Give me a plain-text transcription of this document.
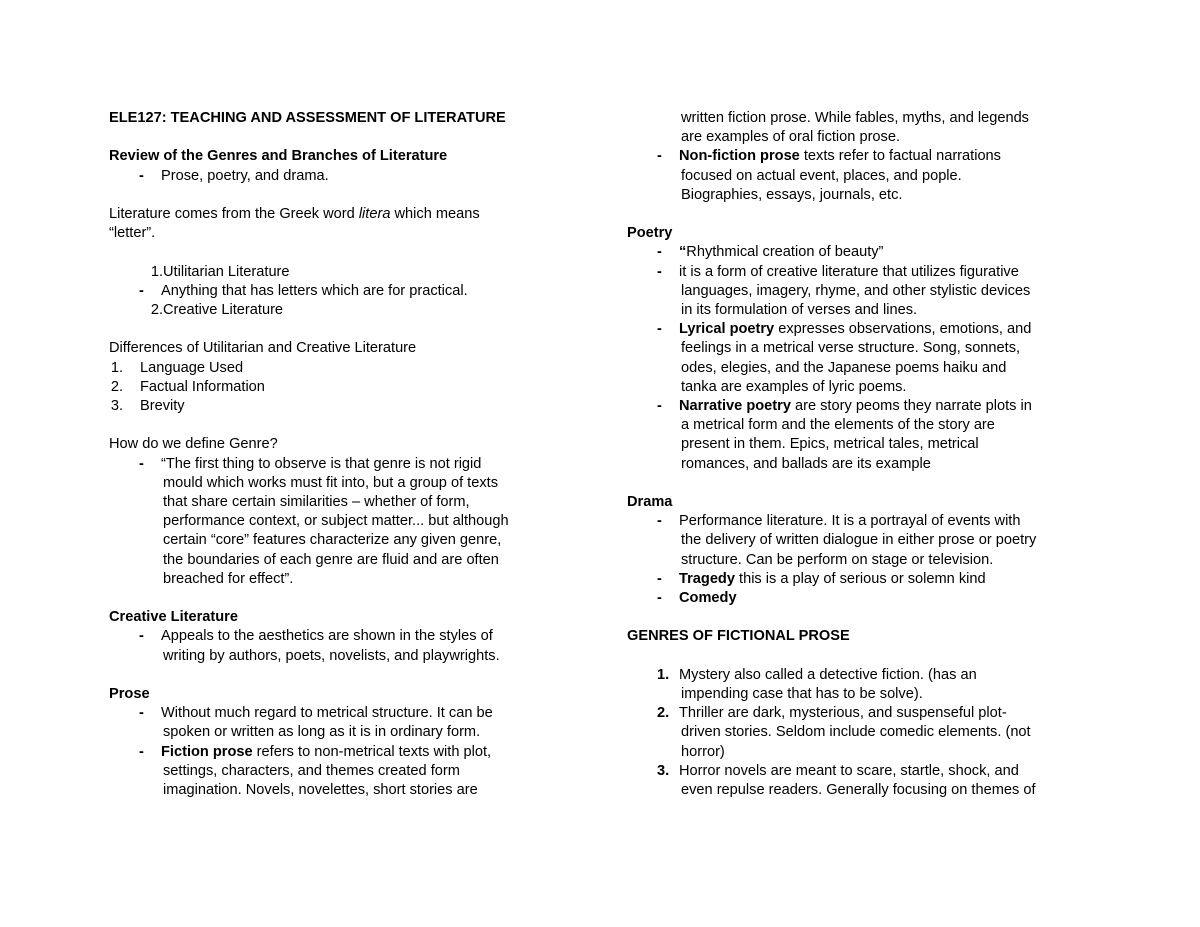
ELE127: TEACHING AND ASSESSMENT OF LITERATURE
Review of the Genres and Branches of Literature
- Prose, poetry, and drama.
Literature comes from the Greek word litera which means
“letter”.
1.Utilitarian Literature
- Anything that has letters which are for practical.
2.Creative Literature
Differences of Utilitarian and Creative Literature
1. Language Used
2. Factual Information
3. Brevity
How do we define Genre?
- “The first thing to observe is that genre is not rigid
mould which works must fit into, but a group of texts
that share certain similarities – whether of form,
performance context, or subject matter... but although
certain “core” features characterize any given genre,
the boundaries of each genre are fluid and are often
breached for effect”.
Creative Literature
- Appeals to the aesthetics are shown in the styles of
writing by authors, poets, novelists, and playwrights.
Prose
- Without much regard to metrical structure. It can be
spoken or written as long as it is in ordinary form.
- Fiction prose refers to non-metrical texts with plot,
settings, characters, and themes created form
imagination. Novels, novelettes, short stories are
written fiction prose. While fables, myths, and legends
are examples of oral fiction prose.
- Non-fiction prose texts refer to factual narrations
focused on actual event, places, and pople.
Biographies, essays, journals, etc.
Poetry
- “Rhythmical creation of beauty”
- it is a form of creative literature that utilizes figurative
languages, imagery, rhyme, and other stylistic devices
in its formulation of verses and lines.
- Lyrical poetry expresses observations, emotions, and
feelings in a metrical verse structure. Song, sonnets,
odes, elegies, and the Japanese poems haiku and
tanka are examples of lyric poems.
- Narrative poetry are story peoms they narrate plots in
a metrical form and the elements of the story are
present in them. Epics, metrical tales, metrical
romances, and ballads are its example
Drama
- Performance literature. It is a portrayal of events with
the delivery of written dialogue in either prose or poetry
structure. Can be perform on stage or television.
- Tragedy this is a play of serious or solemn kind
- Comedy
GENRES OF FICTIONAL PROSE
1. Mystery also called a detective fiction. (has an
impending case that has to be solve).
2. Thriller are dark, mysterious, and suspenseful plot-
driven stories. Seldom include comedic elements. (not
horror)
3. Horror novels are meant to scare, startle, shock, and
even repulse readers. Generally focusing on themes of
